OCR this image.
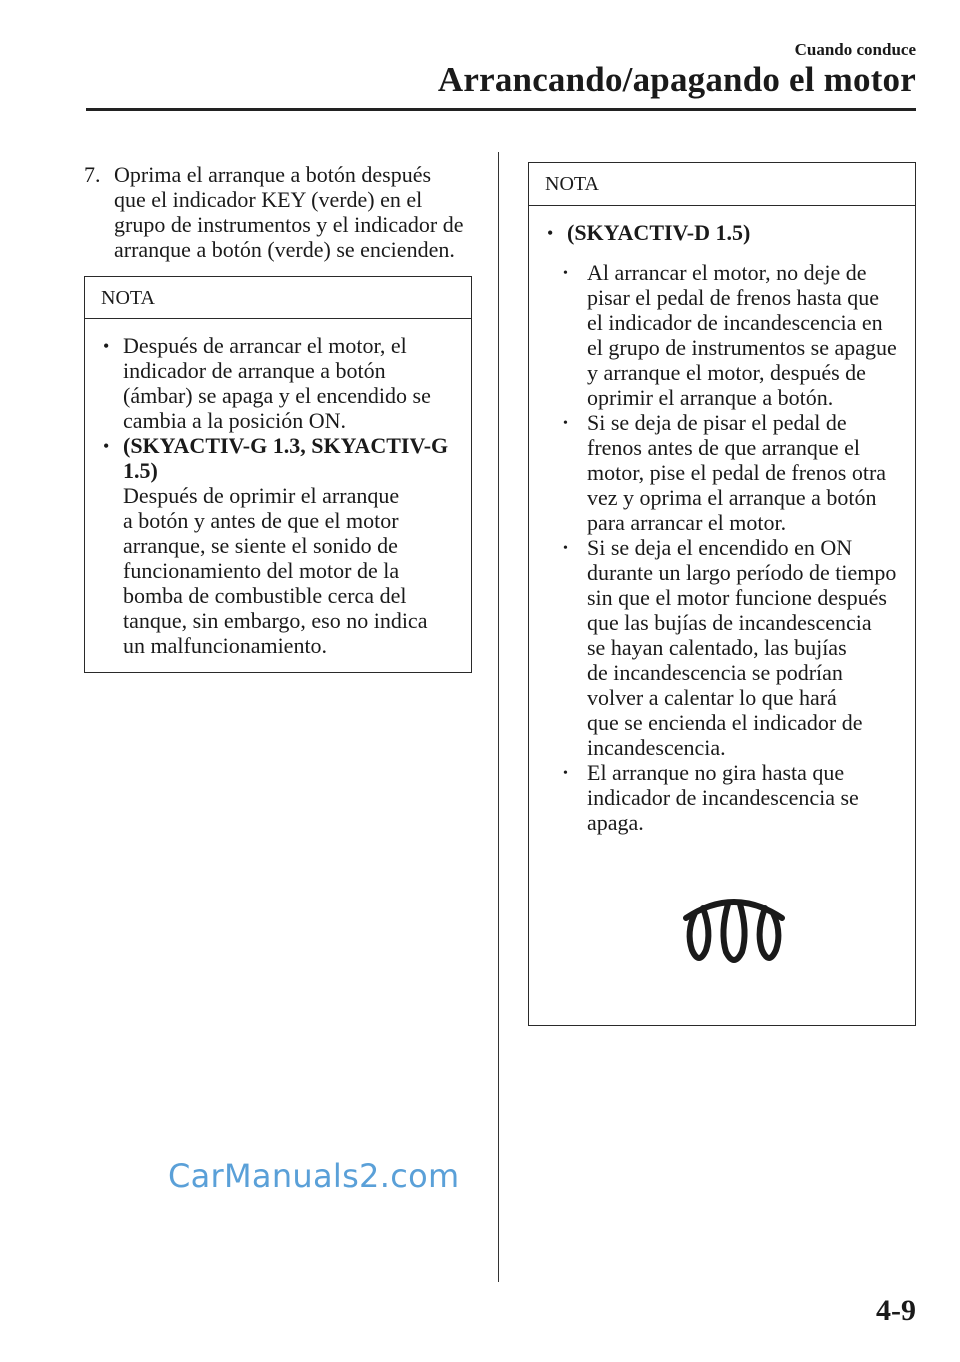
Cuando conduce
Arrancando/apagando el motor
7. Oprima el arranque a botón después
que el indicador KEY (verde) en el
grupo de instrumentos y el indicador de
arranque a botón (verde) se encienden.
NOTA
• Después de arrancar el motor, el
indicador de arranque a botón
(ámbar) se apaga y el encendido se
cambia a la posición ON.
• (SKYACTIV-G 1.3, SKYACTIV-G
1.5)
Después de oprimir el arranque
a botón y antes de que el motor
arranque, se siente el sonido de
funcionamiento del motor de la
bomba de combustible cerca del
tanque, sin embargo, eso no indica
un malfuncionamiento.
NOTA
• (SKYACTIV-D 1.5)
• Al arrancar el motor, no deje de
pisar el pedal de frenos hasta que
el indicador de incandescencia en
el grupo de instrumentos se apague
y arranque el motor, después de
oprimir el arranque a botón.
• Si se deja de pisar el pedal de
frenos antes de que arranque el
motor, pise el pedal de frenos otra
vez y oprima el arranque a botón
para arrancar el motor.
• Si se deja el encendido en ON
durante un largo período de tiempo
sin que el motor funcione después
que las bujías de incandescencia
se hayan calentado, las bujías
de incandescencia se podrían
volver a calentar lo que hará
que se encienda el indicador de
incandescencia.
• El arranque no gira hasta que
indicador de incandescencia se
apaga.
CarManuals2.com
4-9
